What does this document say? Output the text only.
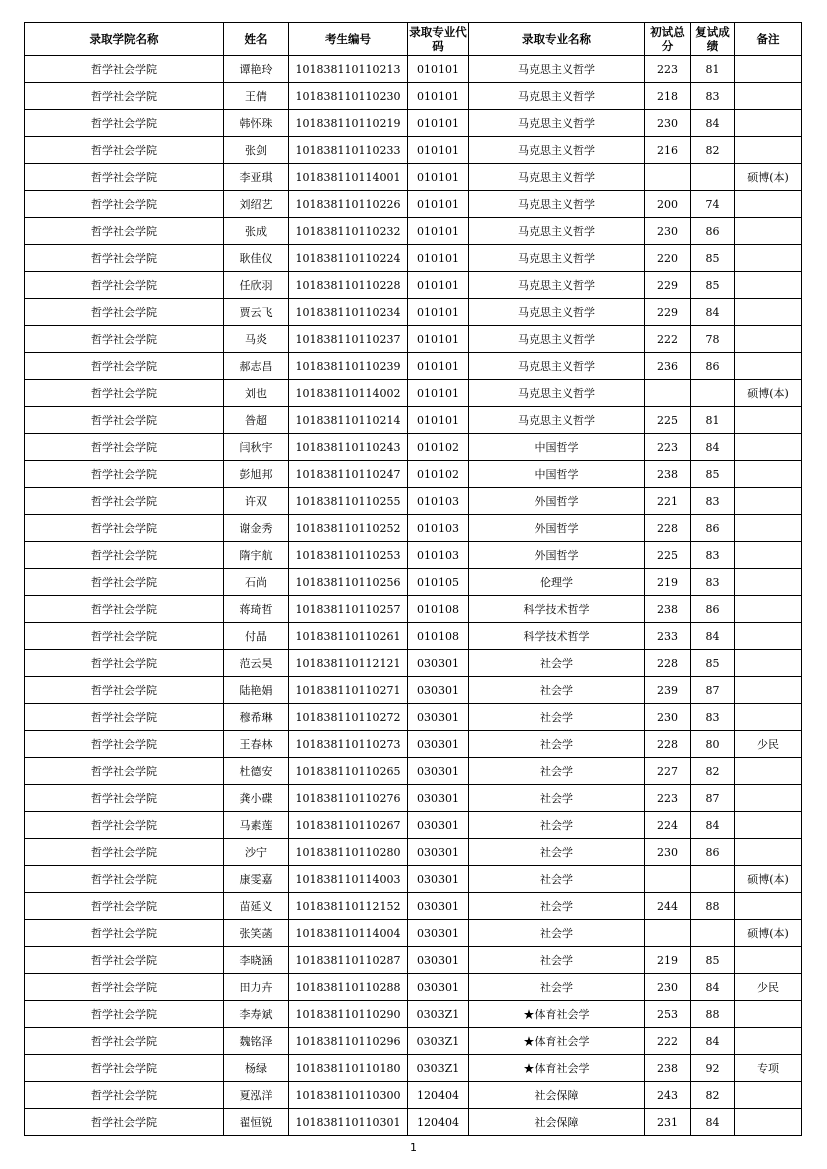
录取学院名称	姓名	考生编号	录取专业代码	录取专业名称	初试总分	复试成绩	备注
哲学社会学院	谭艳玲	101838110110213	010101	马克思主义哲学	223	81	
哲学社会学院	王倩	101838110110230	010101	马克思主义哲学	218	83	
哲学社会学院	韩怀珠	101838110110219	010101	马克思主义哲学	230	84	
哲学社会学院	张剑	101838110110233	010101	马克思主义哲学	216	82	
哲学社会学院	李亚琪	101838110114001	010101	马克思主义哲学			硕博(本)
哲学社会学院	刘绍艺	101838110110226	010101	马克思主义哲学	200	74	
哲学社会学院	张成	101838110110232	010101	马克思主义哲学	230	86	
哲学社会学院	耿佳仪	101838110110224	010101	马克思主义哲学	220	85	
哲学社会学院	任欣羽	101838110110228	010101	马克思主义哲学	229	85	
哲学社会学院	贾云飞	101838110110234	010101	马克思主义哲学	229	84	
哲学社会学院	马炎	101838110110237	010101	马克思主义哲学	222	78	
哲学社会学院	郝志昌	101838110110239	010101	马克思主义哲学	236	86	
哲学社会学院	刘也	101838110114002	010101	马克思主义哲学			硕博(本)
哲学社会学院	昝超	101838110110214	010101	马克思主义哲学	225	81	
哲学社会学院	闫秋宇	101838110110243	010102	中国哲学	223	84	
哲学社会学院	彭旭邦	101838110110247	010102	中国哲学	238	85	
哲学社会学院	许双	101838110110255	010103	外国哲学	221	83	
哲学社会学院	谢金秀	101838110110252	010103	外国哲学	228	86	
哲学社会学院	隋宇航	101838110110253	010103	外国哲学	225	83	
哲学社会学院	石尚	101838110110256	010105	伦理学	219	83	
哲学社会学院	蒋琦哲	101838110110257	010108	科学技术哲学	238	86	
哲学社会学院	付晶	101838110110261	010108	科学技术哲学	233	84	
哲学社会学院	范云昊	101838110112121	030301	社会学	228	85	
哲学社会学院	陆艳娟	101838110110271	030301	社会学	239	87	
哲学社会学院	穆希琳	101838110110272	030301	社会学	230	83	
哲学社会学院	王春林	101838110110273	030301	社会学	228	80	少民
哲学社会学院	杜德安	101838110110265	030301	社会学	227	82	
哲学社会学院	龚小碟	101838110110276	030301	社会学	223	87	
哲学社会学院	马素莲	101838110110267	030301	社会学	224	84	
哲学社会学院	沙宁	101838110110280	030301	社会学	230	86	
哲学社会学院	康雯嘉	101838110114003	030301	社会学			硕博(本)
哲学社会学院	苗延义	101838110112152	030301	社会学	244	88	
哲学社会学院	张笑菡	101838110114004	030301	社会学			硕博(本)
哲学社会学院	李晓涵	101838110110287	030301	社会学	219	85	
哲学社会学院	田力卉	101838110110288	030301	社会学	230	84	少民
哲学社会学院	李寿斌	101838110110290	0303Z1	★体育社会学	253	88	
哲学社会学院	魏铭泽	101838110110296	0303Z1	★体育社会学	222	84	
哲学社会学院	杨绿	101838110110180	0303Z1	★体育社会学	238	92	专项
哲学社会学院	夏泓洋	101838110110300	120404	社会保障	243	82	
哲学社会学院	翟恒锐	101838110110301	120404	社会保障	231	84	
1
